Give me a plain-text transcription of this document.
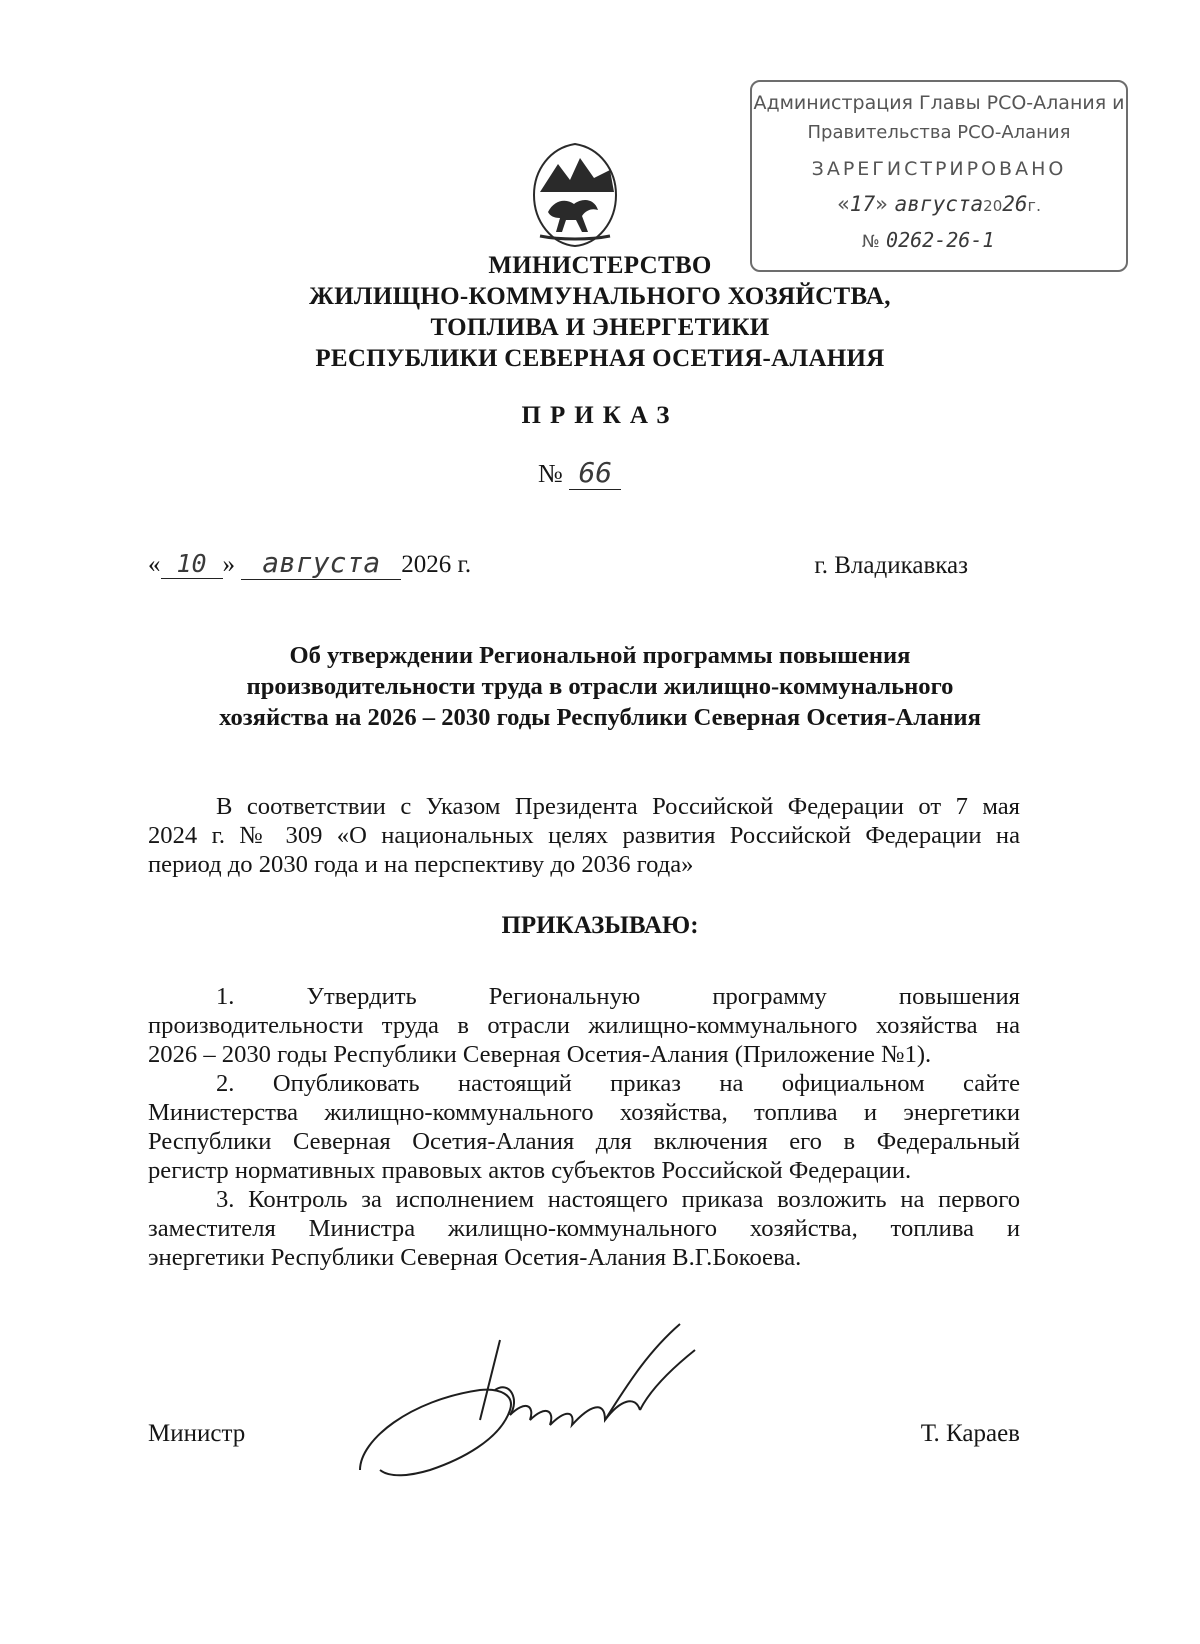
Администрация Главы РСО-Алания и
Правительства РСО-Алания
ЗАРЕГИСТРИРОВАНО
«17» августа2026г.
№ 0262-26-1
МИНИСТЕРСТВО
ЖИЛИЩНО-КОММУНАЛЬНОГО ХОЗЯЙСТВА,
ТОПЛИВА И ЭНЕРГЕТИКИ
РЕСПУБЛИКИ СЕВЕРНАЯ ОСЕТИЯ-АЛАНИЯ
ПРИКАЗ
№ 66
« 10 » августа 2026 г.	г. Владикавказ
Об утверждении Региональной программы повышения
производительности труда в отрасли жилищно-коммунального
хозяйства на 2026 – 2030 годы Республики Северная Осетия-Алания
В соответствии с Указом Президента Российской Федерации от 7 мая
2024 г. № 309 «О национальных целях развития Российской Федерации на
период до 2030 года и на перспективу до 2036 года»
ПРИКАЗЫВАЮ:
1. Утвердить Региональную программу повышения
производительности труда в отрасли жилищно-коммунального хозяйства на
2026 – 2030 годы Республики Северная Осетия-Алания (Приложение №1).
2. Опубликовать настоящий приказ на официальном сайте
Министерства жилищно-коммунального хозяйства, топлива и энергетики
Республики Северная Осетия-Алания для включения его в Федеральный
регистр нормативных правовых актов субъектов Российской Федерации.
3. Контроль за исполнением настоящего приказа возложить на первого
заместителя Министра жилищно-коммунального хозяйства, топлива и
энергетики Республики Северная Осетия-Алания В.Г.Бокоева.
Министр	Т. Караев
